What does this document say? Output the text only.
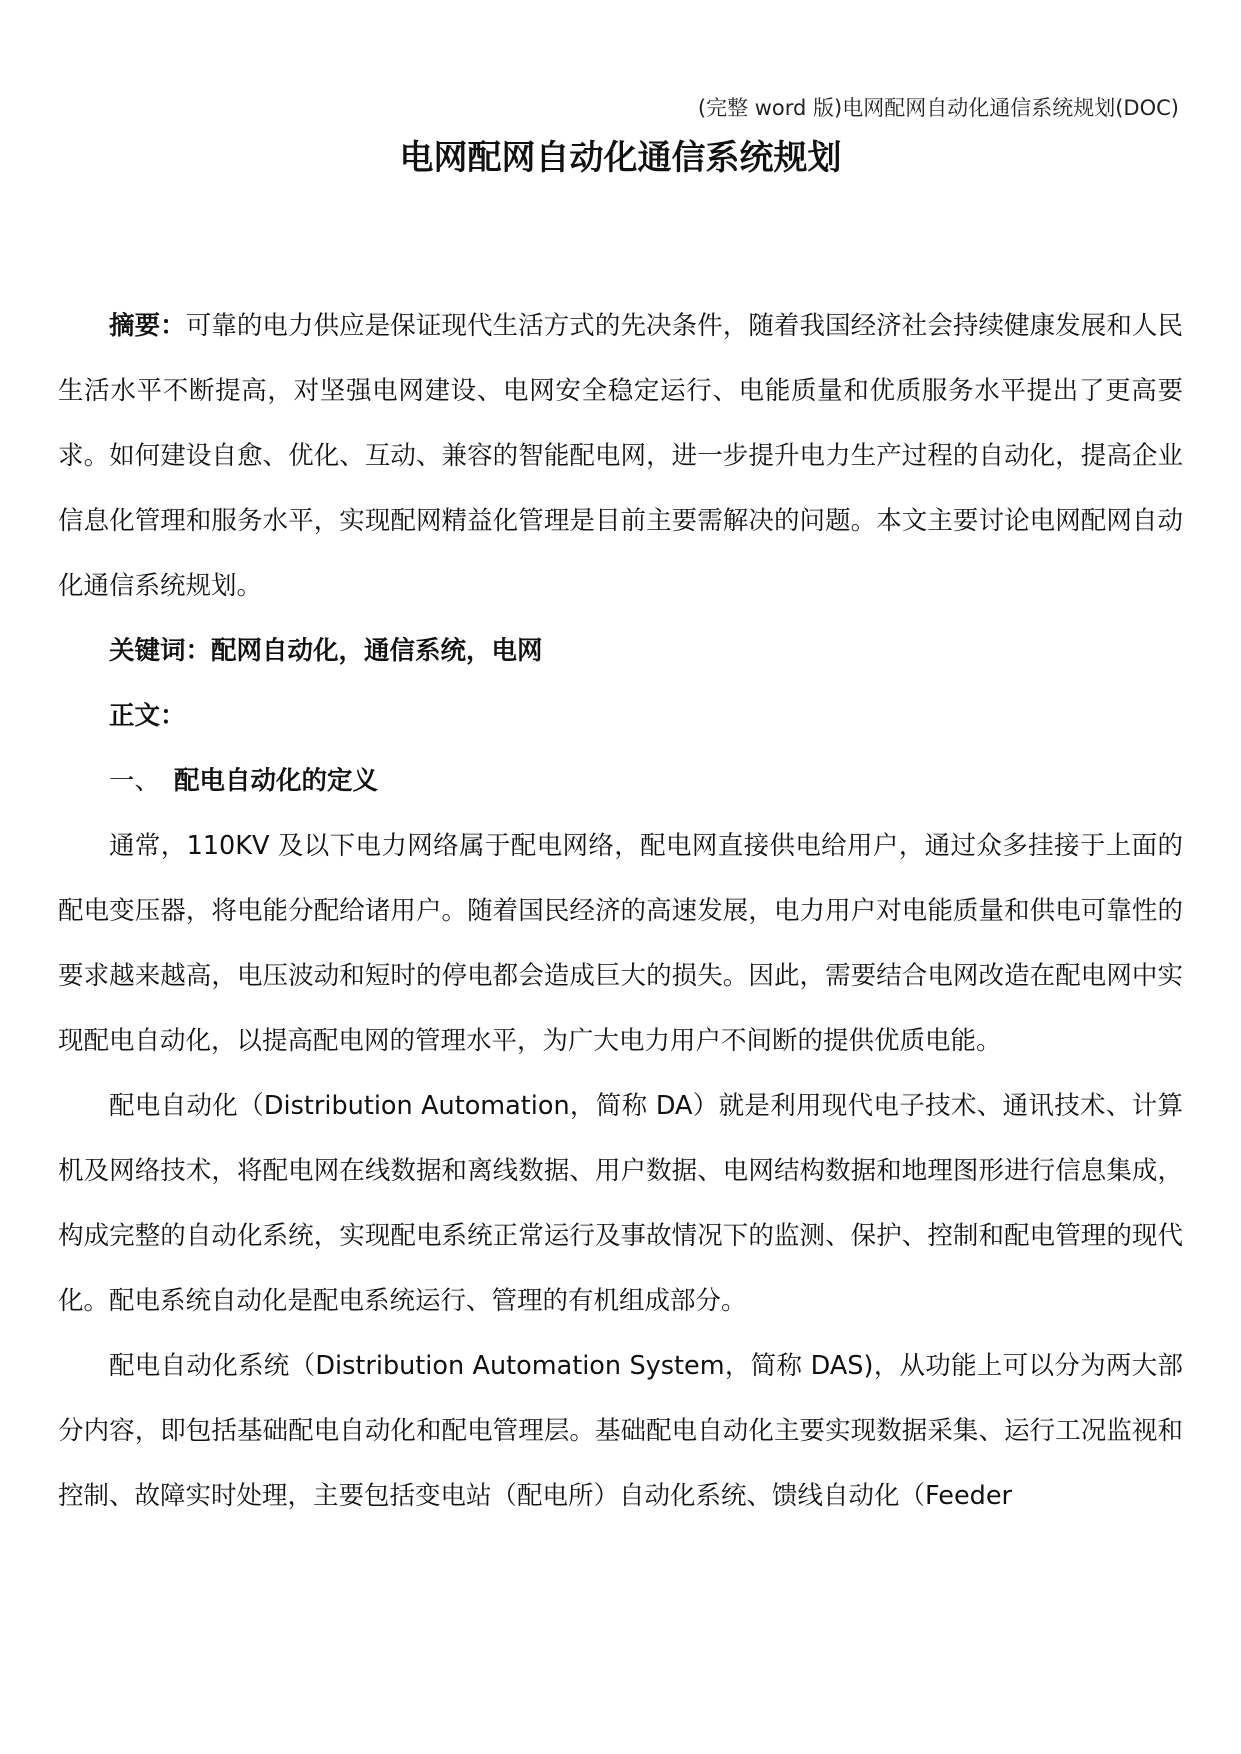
(完整 word 版)电网配网自动化通信系统规划(DOC)
电网配网自动化通信系统规划

摘要：可靠的电力供应是保证现代生活方式的先决条件，随着我国经济社会持续健康发展和人民生活水平不断提高，对坚强电网建设、电网安全稳定运行、电能质量和优质服务水平提出了更高要求。如何建设自愈、优化、互动、兼容的智能配电网，进一步提升电力生产过程的自动化，提高企业信息化管理和服务水平，实现配网精益化管理是目前主要需解决的问题。本文主要讨论电网配网自动化通信系统规划。

关键词：配网自动化，通信系统，电网

正文：

一、 配电自动化的定义

通常，110KV 及以下电力网络属于配电网络，配电网直接供电给用户，通过众多挂接于上面的配电变压器，将电能分配给诸用户。随着国民经济的高速发展，电力用户对电能质量和供电可靠性的要求越来越高，电压波动和短时的停电都会造成巨大的损失。因此，需要结合电网改造在配电网中实现配电自动化，以提高配电网的管理水平，为广大电力用户不间断的提供优质电能。

配电自动化（Distribution Automation，简称 DA）就是利用现代电子技术、通讯技术、计算机及网络技术，将配电网在线数据和离线数据、用户数据、电网结构数据和地理图形进行信息集成，构成完整的自动化系统，实现配电系统正常运行及事故情况下的监测、保护、控制和配电管理的现代化。配电系统自动化是配电系统运行、管理的有机组成部分。

配电自动化系统（Distribution Automation System，简称 DAS)，从功能上可以分为两大部分内容，即包括基础配电自动化和配电管理层。基础配电自动化主要实现数据采集、运行工况监视和控制、故障实时处理，主要包括变电站（配电所）自动化系统、馈线自动化（Feeder
